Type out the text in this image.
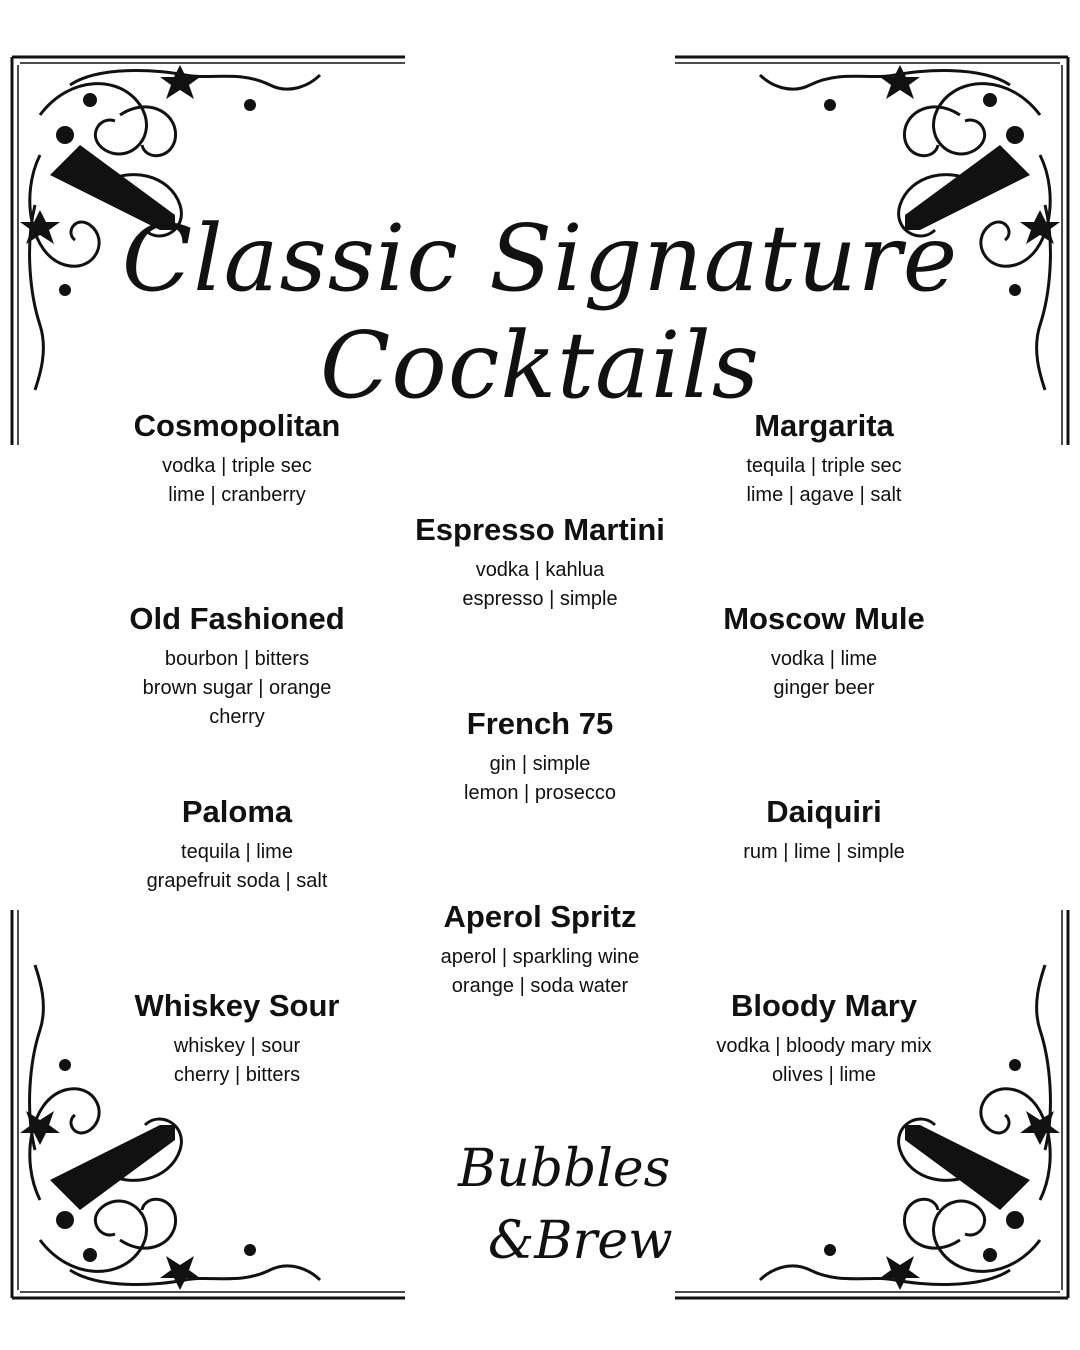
Classic Signature Cocktails
Cosmopolitan
vodka | triple sec
lime | cranberry
Margarita
tequila | triple sec
lime | agave | salt
Espresso Martini
vodka | kahlua
espresso | simple
Old Fashioned
bourbon | bitters
brown sugar | orange
cherry
Moscow Mule
vodka | lime
ginger beer
French 75
gin | simple
lemon | prosecco
Paloma
tequila | lime
grapefruit soda | salt
Daiquiri
rum | lime | simple
Aperol Spritz
aperol | sparkling wine
orange | soda water
Whiskey Sour
whiskey | sour
cherry | bitters
Bloody Mary
vodka | bloody mary mix
olives | lime
Bubbles
&Brew
